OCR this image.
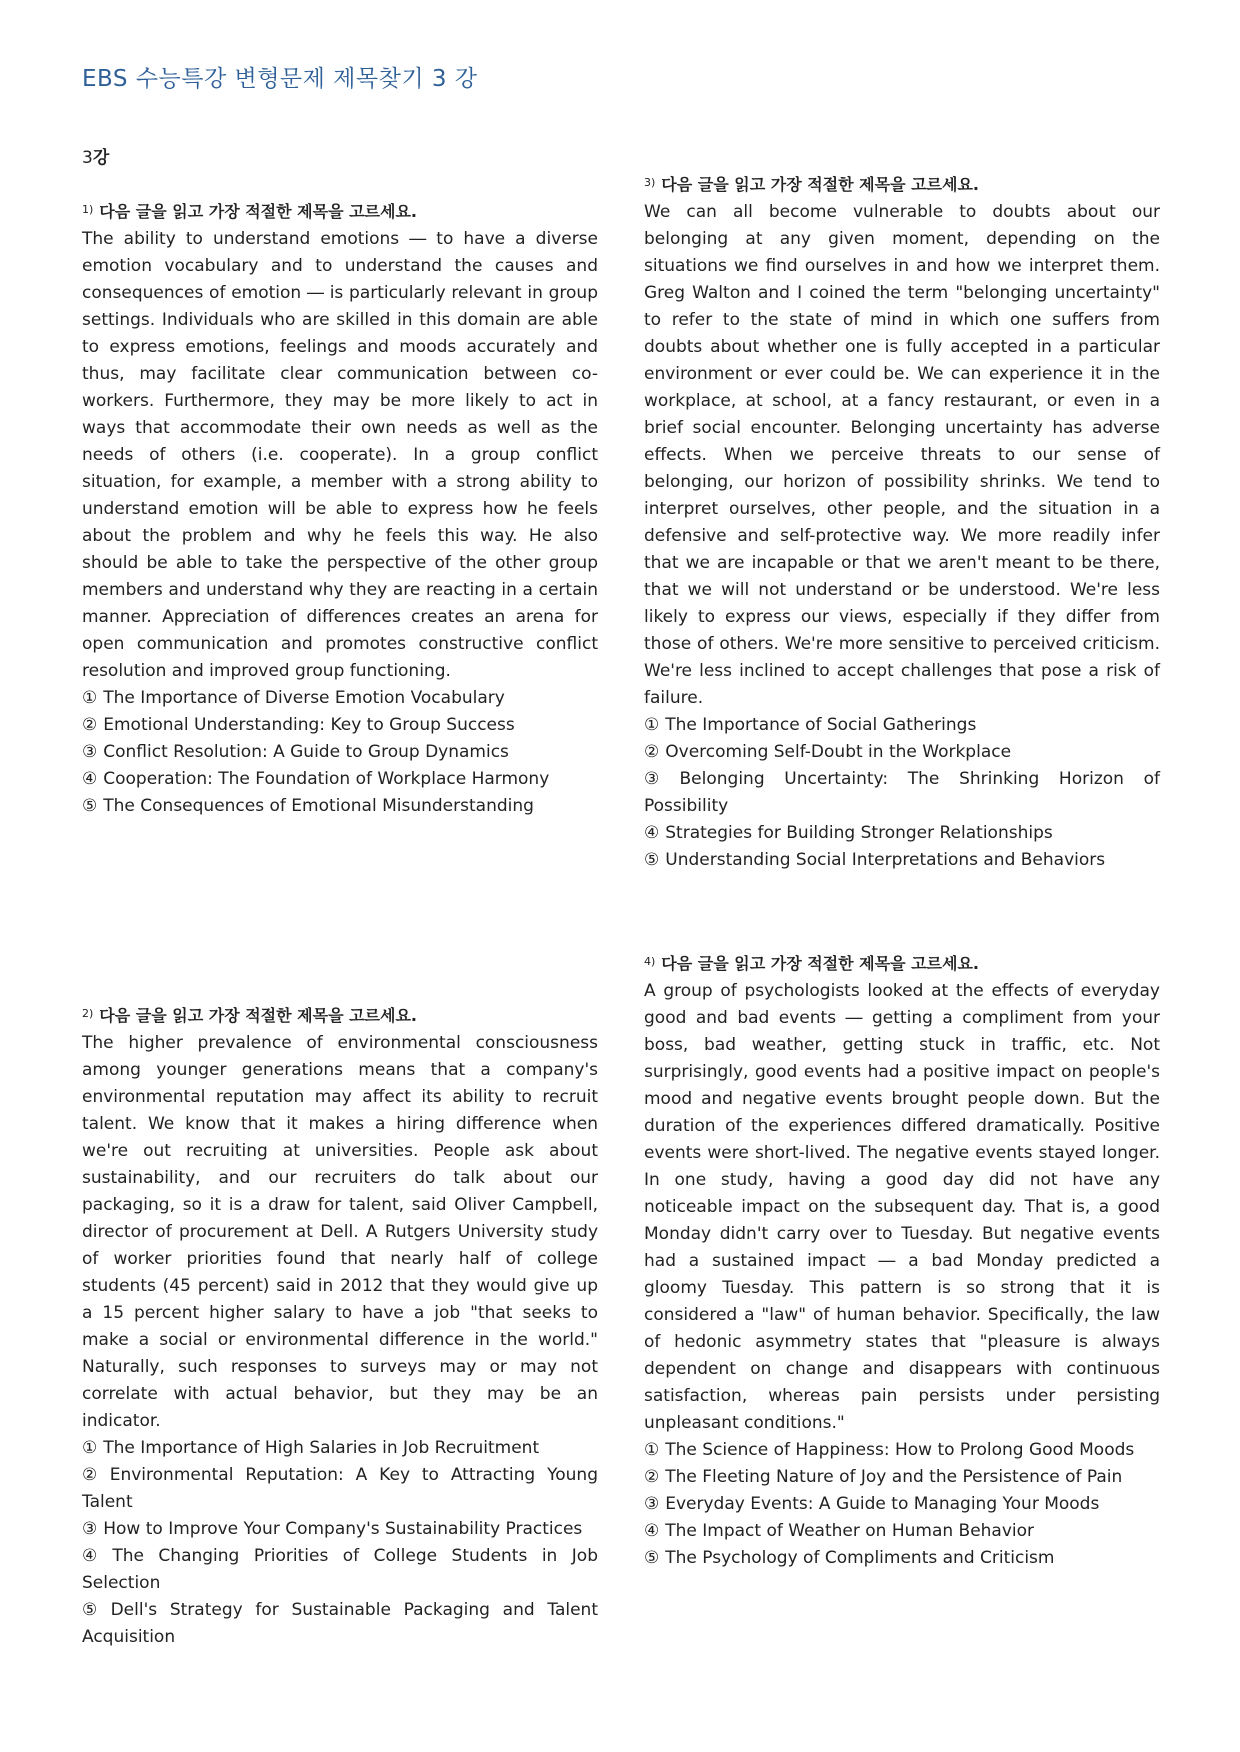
EBS 수능특강 변형문제 제목찾기 3 강
3강
$^{1)}$ 다음 글을 읽고 가장 적절한 제목을 고르세요.

The ability to understand emotions ― to have a diverse emotion vocabulary and to understand the causes and consequences of emotion ― is particularly relevant in group settings. Individuals who are skilled in this domain are able to express emotions, feelings and moods accurately and thus, may facilitate clear communication between co-workers. Furthermore, they may be more likely to act in ways that accommodate their own needs as well as the needs of others (i.e. cooperate). In a group conflict situation, for example, a member with a strong ability to understand emotion will be able to express how he feels about the problem and why he feels this way. He also should be able to take the perspective of the other group members and understand why they are reacting in a certain manner. Appreciation of differences creates an arena for open communication and promotes constructive conflict resolution and improved group functioning.

① The Importance of Diverse Emotion Vocabulary
② Emotional Understanding: Key to Group Success
③ Conflict Resolution: A Guide to Group Dynamics
④ Cooperation: The Foundation of Workplace Harmony
⑤ The Consequences of Emotional Misunderstanding
$^{2)}$ 다음 글을 읽고 가장 적절한 제목을 고르세요.

The higher prevalence of environmental consciousness among younger generations means that a company's environmental reputation may affect its ability to recruit talent. We know that it makes a hiring difference when we're out recruiting at universities. People ask about sustainability, and our recruiters do talk about our packaging, so it is a draw for talent, said Oliver Campbell, director of procurement at Dell. A Rutgers University study of worker priorities found that nearly half of college students (45 percent) said in 2012 that they would give up a 15 percent higher salary to have a job "that seeks to make a social or environmental difference in the world." Naturally, such responses to surveys may or may not correlate with actual behavior, but they may be an indicator.

① The Importance of High Salaries in Job Recruitment
② Environmental Reputation: A Key to Attracting Young Talent
③ How to Improve Your Company's Sustainability Practices
④ The Changing Priorities of College Students in Job Selection
⑤ Dell's Strategy for Sustainable Packaging and Talent Acquisition
$^{3)}$ 다음 글을 읽고 가장 적절한 제목을 고르세요.

We can all become vulnerable to doubts about our belonging at any given moment, depending on the situations we find ourselves in and how we interpret them. Greg Walton and I coined the term "belonging uncertainty" to refer to the state of mind in which one suffers from doubts about whether one is fully accepted in a particular environment or ever could be. We can experience it in the workplace, at school, at a fancy restaurant, or even in a brief social encounter. Belonging uncertainty has adverse effects. When we perceive threats to our sense of belonging, our horizon of possibility shrinks. We tend to interpret ourselves, other people, and the situation in a defensive and self-protective way. We more readily infer that we are incapable or that we aren't meant to be there, that we will not understand or be understood. We're less likely to express our views, especially if they differ from those of others. We're more sensitive to perceived criticism. We're less inclined to accept challenges that pose a risk of failure.

① The Importance of Social Gatherings
② Overcoming Self-Doubt in the Workplace
③ Belonging Uncertainty: The Shrinking Horizon of Possibility
④ Strategies for Building Stronger Relationships
⑤ Understanding Social Interpretations and Behaviors
$^{4)}$ 다음 글을 읽고 가장 적절한 제목을 고르세요.

A group of psychologists looked at the effects of everyday good and bad events ― getting a compliment from your boss, bad weather, getting stuck in traffic, etc. Not surprisingly, good events had a positive impact on people's mood and negative events brought people down. But the duration of the experiences differed dramatically. Positive events were short-lived. The negative events stayed longer. In one study, having a good day did not have any noticeable impact on the subsequent day. That is, a good Monday didn't carry over to Tuesday. But negative events had a sustained impact ― a bad Monday predicted a gloomy Tuesday. This pattern is so strong that it is considered a "law" of human behavior. Specifically, the law of hedonic asymmetry states that "pleasure is always dependent on change and disappears with continuous satisfaction, whereas pain persists under persisting unpleasant conditions."

① The Science of Happiness: How to Prolong Good Moods
② The Fleeting Nature of Joy and the Persistence of Pain
③ Everyday Events: A Guide to Managing Your Moods
④ The Impact of Weather on Human Behavior
⑤ The Psychology of Compliments and Criticism
